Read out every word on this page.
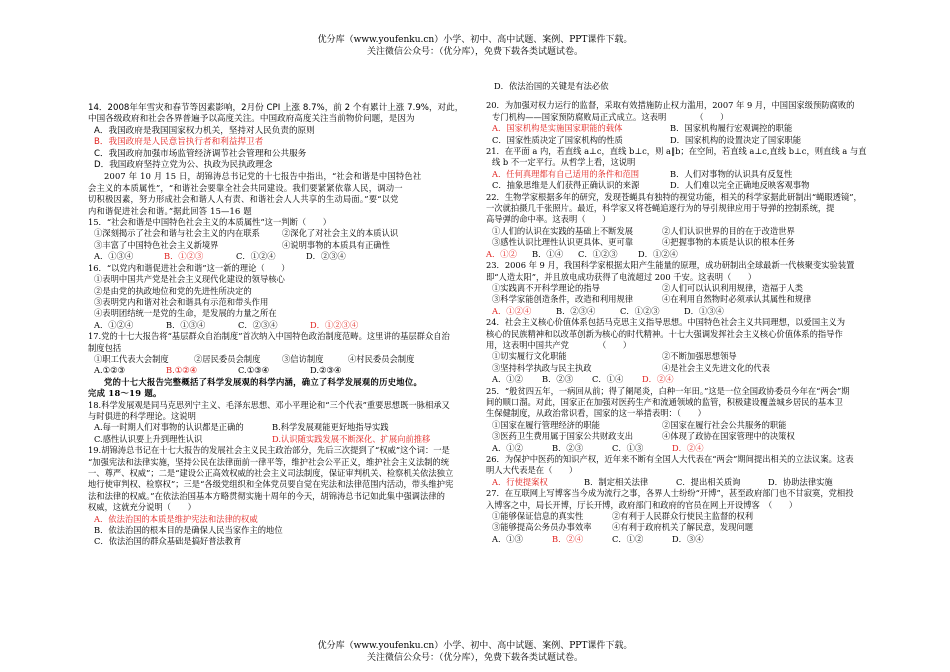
优分库（www.youfenku.cn）小学、初中、高中试题、案例、PPT课件下载。
关注微信公众号：（优分库），免费下载各类试题试卷。
14．2008年年雪灾和春节等因素影响，2月份 CPI 上涨 8.7%，前 2 个有累计上涨 7.9%，对此，
中国各级政府和社会各界普遍予以高度关注。中国政府高度关注当前物价问题，是因为
A．我国政府是我国国家权力机关，坚持对人民负责的原则
B．我国政府是人民意旨执行者和利益捍卫者
C．我国政府加强市场监管经济调节社会管理和公共服务
D．我国政府坚持立党为公、执政为民执政理念
2007 年 10 月 15 日，胡锦涛总书记党的十七报告中指出，“社会和谐是中国特色社
会主义的本质属性”，“和谐社会要靠全社会共同建设。我们要紧紧依靠人民，调动一
切积极因素，努力形成社会和谐人人有责、和谐社会人人共享的生动局面。”要“以党
内和谐促进社会和谐。”据此回答 15—16 题
15．“社会和谐是中国特色社会主义的本质属性”这一判断（　　）
①深刻揭示了社会和谐与社会主义的内在联系	②深化了对社会主义的本质认识
③丰富了中国特色社会主义新境界	④说明事物的本质具有正确性
A．①③④	B．①②③	C．①②④	D．②③④
16．“以党内和谐促进社会和谐”这一新的理论（　　）
①表明中国共产党是社会主义现代化建设的领导核心
②是由党的执政地位和党的先进性所决定的
③表明党内和谐对社会和谐具有示范和带头作用
④表明团结统一是党的生命，是发展的力量之所在
A．①②④	B．①③④	C．②③④	D．①②③④
17.党的十七大报告将“基层群众自治制度”首次纳入中国特色政治制度范畴。这里讲的基层群众自治
制度包括
①职工代表大会制度	②居民委员会制度	③信访制度	④村民委员会制度
A.①②③	B.①②④	C.①③④	D.②③④
党的十七大报告完整概括了科学发展观的科学内涵，确立了科学发展观的历史地位。
完成 18～19 题。
18.科学发展观是同马克思列宁主义、毛泽东思想、邓小平理论和“三个代表”重要思想既一脉相承又
与时俱进的科学理论。这说明
A.每一时期人们对事物的认识都是正确的	B.科学发展观能更好地指导实践
C.感性认识要上升到理性认识	D.认识随实践发展不断深化、扩展向前推移
19.胡锦涛总书记在十七大报告的发展社会主义民主政治部分，先后三次提到了“权威”这个词：一是
“加强宪法和法律实施，坚持公民在法律面前一律平等，维护社会公平正义，维护社会主义法制的统
一、尊严、权威”；二是“建设公正高效权威的社会主义司法制度，保证审判机关、检察机关依法独立
地行使审判权、检察权”；三是“各级党组织和全体党员要自觉在宪法和法律范围内活动，带头维护宪
法和法律的权威。”在依法治国基本方略贯彻实施十周年的今天，胡锦涛总书记如此集中强调法律的
权威，这就充分说明（　　）
A．依法治国的本质是维护宪法和法律的权威
B．依法治国的根本目的是确保人民当家作主的地位
C．依法治国的群众基础是搞好普法教育
D．依法治国的关键是有法必依
20．为加强对权力运行的监督，采取有效措施防止权力滥用，2007 年 9 月，中国国家级预防腐败的
专门机构——国家预防腐败局正式成立。这表明　　　　（　　）
A．国家机构是实施国家职能的载体	B．国家机构履行宏观调控的职能
C．国家性质决定了国家机构的性质	D．国家机构的设置决定了国家职能
21．在平面 a 内，若直线 a⊥c，直线 b⊥c，则 a‖b；在空间，若直线 a⊥c,直线 b⊥c，则直线 a 与直
线 b 不一定平行。从哲学上看，这说明
A．任何真理都有自己适用的条件和范围	B．人们对事物的认识具有反复性
C．抽象思维是人们获得正确认识的来源	D．人们难以完全正确地反映客观事物
22．生物学家根据多年的研究，发现苍蝇具有独特的视觉功能，相关的科学家据此研制出“蝇眼透镜”，
一次就拍摄几千张照片。最近，科学家又将苍蝇追逐行为的导引规律应用于导弹的控制系统，提
高导弹的命中率。这表明（　　）
①人们的认识在实践的基础上不断发展	②人们认识世界的目的在于改造世界
③感性认识比理性认识更具体、更可靠	④把握事物的本质是认识的根本任务
A．①② B．①④ C．①②③ D．①②④
23．2006 年 9 月，我国科学家根据太阳产生能量的原理，成功研制出全球最新一代核聚变实验装置
即“人造太阳”，并且放电成功获得了电流超过 200 千安。这表明（　　）
①实践离不开科学理论的指导	②人们可以认识利用规律，造福于人类
③科学家能创造条件，改造和利用规律	④在利用自然物时必须承认其属性和规律
A．①②④	B．②③④	C．①②③	D．①③④
24．社会主义核心价值体系包括马克思主义指导思想。中国特色社会主义共同理想，以爱国主义为
核心的民族精神和以改革创新为核心的时代精神。十七大强调发挥社会主义核心价值体系的指导作
用，这表明中国共产党　　　　（　　）
①切实履行文化职能	②不断加强思想领导
③坚持科学执政与民主执政	④是社会主义先进文化的代表
A．①② B．②③ C．①④ D．②④
25．“般贫四五年，一病回从前；得了阑尾炎，白种一年田。”这是一位全国政协委员今年在“两会”期
间的顺口溜。对此，国家正在加强对医药生产和流通领域的监管，积极建设覆盖城乡居民的基本卫
生保健制度，从政治常识看，国家的这一举措表明：（　　）
①国家在履行管理经济的职能	②国家在履行社会公共服务的职能
③医药卫生费用属于国家公共财政支出	④体现了政协在国家管理中的决策权
A．①②	B．②③	C．①③	D．②④
26．为保护中医药的知识产权，近年来不断有全国人大代表在“两会”期间提出相关的立法议案。这表
明人大代表是在（　　）
A．行使提案权	B．制定相关法律	C．提出相关质询	D．协助法律实施
27．在互联网上写博客当今成为流行之事，各界人士纷纷“开博”，甚至政府部门也不甘寂寞，党相投
入博客之中，局长开博，厅长开博，政府部门和政府的官员在网上开设博客　（　　）
①能够保证信息的真实性	②有利于人民群众行使民主监督的权利
③能够提高公务员办事效率 ④有利于政府机关了解民意，发现问题
A．①③	B．②④	C．①②	D．③④
优分库（www.youfenku.cn）小学、初中、高中试题、案例、PPT课件下载。
关注微信公众号：（优分库），免费下载各类试题试卷。
